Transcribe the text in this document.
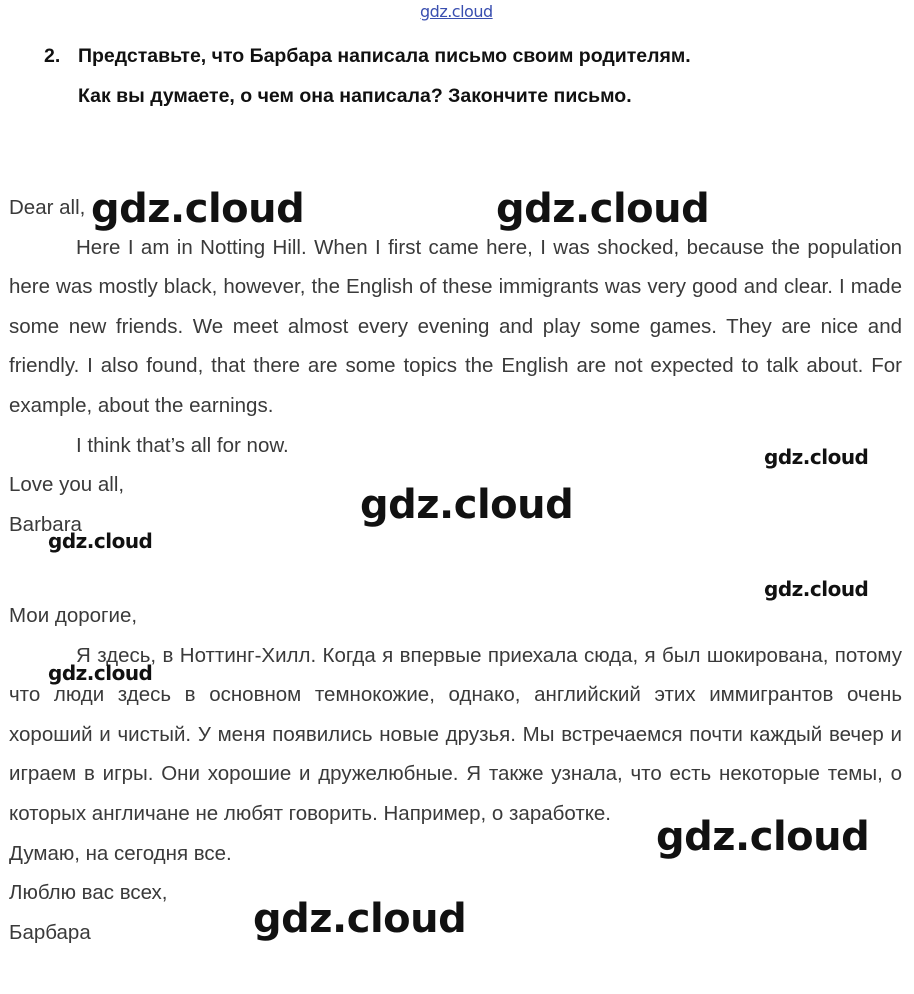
gdz.cloud
2. Представьте, что Барбара написала письмо своим родителям.
Как вы думаете, о чем она написала? Закончите письмо.

Dear all,

Here I am in Notting Hill. When I first came here, I was shocked, because the population here was mostly black, however, the English of these immigrants was very good and clear. I made some new friends. We meet almost every evening and play some games. They are nice and friendly. I also found, that there are some topics the English are not expected to talk about. For example, about the earnings.

I think that’s all for now.

Love you all,

Barbara

Мои дорогие,

Я здесь, в Ноттинг-Хилл. Когда я впервые приехала сюда, я был шокирована, потому что люди здесь в основном темнокожие, однако, английский этих иммигрантов очень хороший и чистый. У меня появились новые друзья. Мы встречаемся почти каждый вечер и играем в игры. Они хорошие и дружелюбные. Я также узнала, что есть некоторые темы, о которых англичане не любят говорить. Например, о заработке.

Думаю, на сегодня все.

Люблю вас всех,

Барбара

gdz.cloud	gdz.cloud
gdz.cloud
gdz.cloud
gdz.cloud
gdz.cloud
gdz.cloud
gdz.cloud
gdz.cloud
